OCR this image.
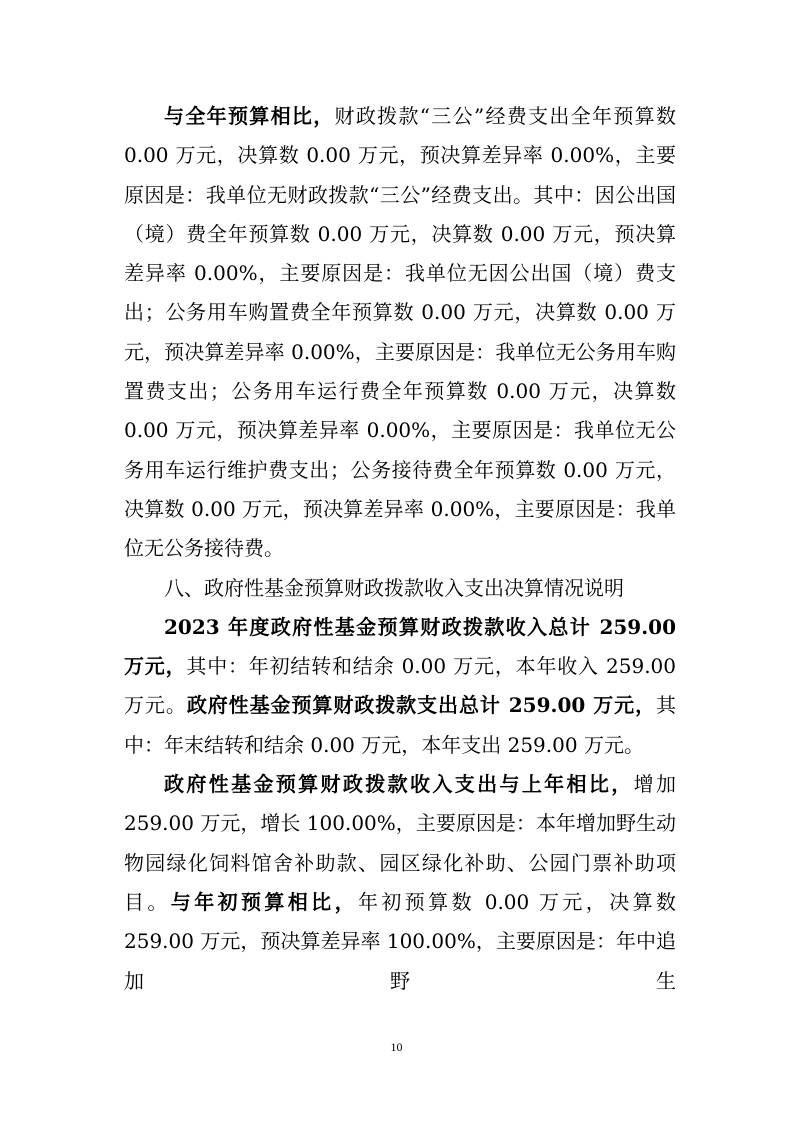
与全年预算相比，财政拨款“三公”经费支出全年预算数 0.00 万元，决算数 0.00 万元，预决算差异率 0.00%，主要原因是：我单位无财政拨款“三公”经费支出。其中：因公出国（境）费全年预算数 0.00 万元，决算数 0.00 万元，预决算差异率 0.00%，主要原因是：我单位无因公出国（境）费支出；公务用车购置费全年预算数 0.00 万元，决算数 0.00 万元，预决算差异率 0.00%，主要原因是：我单位无公务用车购置费支出；公务用车运行费全年预算数 0.00 万元，决算数 0.00 万元，预决算差异率 0.00%，主要原因是：我单位无公务用车运行维护费支出；公务接待费全年预算数 0.00 万元，决算数 0.00 万元，预决算差异率 0.00%，主要原因是：我单位无公务接待费。

八、政府性基金预算财政拨款收入支出决算情况说明

2023 年度政府性基金预算财政拨款收入总计 259.00 万元，其中：年初结转和结余 0.00 万元，本年收入 259.00 万元。政府性基金预算财政拨款支出总计 259.00 万元，其中：年末结转和结余 0.00 万元，本年支出 259.00 万元。

政府性基金预算财政拨款收入支出与上年相比，增加 259.00 万元，增长 100.00%，主要原因是：本年增加野生动物园绿化饲料馆舍补助款、园区绿化补助、公园门票补助项目。与年初预算相比，年初预算数 0.00 万元，决算数 259.00 万元，预决算差异率 100.00%，主要原因是：年中追加野生

10
